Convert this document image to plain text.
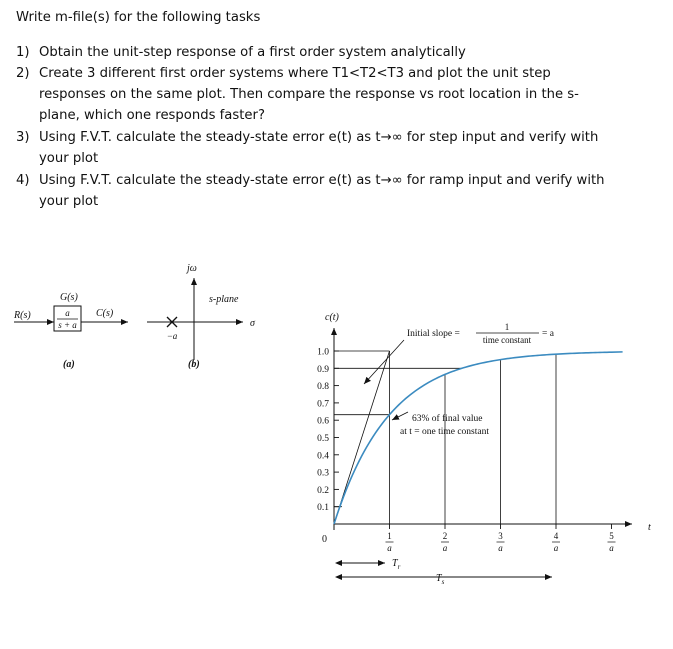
Write m-file(s) for the following tasks
1) Obtain the unit-step response of a first order system analytically
2) Create 3 different first order systems where T1<T2<T3 and plot the unit step responses on the same plot. Then compare the response vs root location in the s-plane, which one responds faster?
3) Using F.V.T. calculate the steady-state error e(t) as t→∞ for step input and verify with your plot
4) Using F.V.T. calculate the steady-state error e(t) as t→∞ for ramp input and verify with your plot
R(s)
G(s)
a
s + a
C(s)
(a)
jω
s-plane
σ
−a
(b)
c(t)
t
0
0.1
0.2
0.3
0.4
0.5
0.6
0.7
0.8
0.9
1.0
1
a
2
a
3
a
4
a
5
a
Initial slope =
1
time constant
= a
63% of final value
at t = one time constant
$T_r$
$T_s$
